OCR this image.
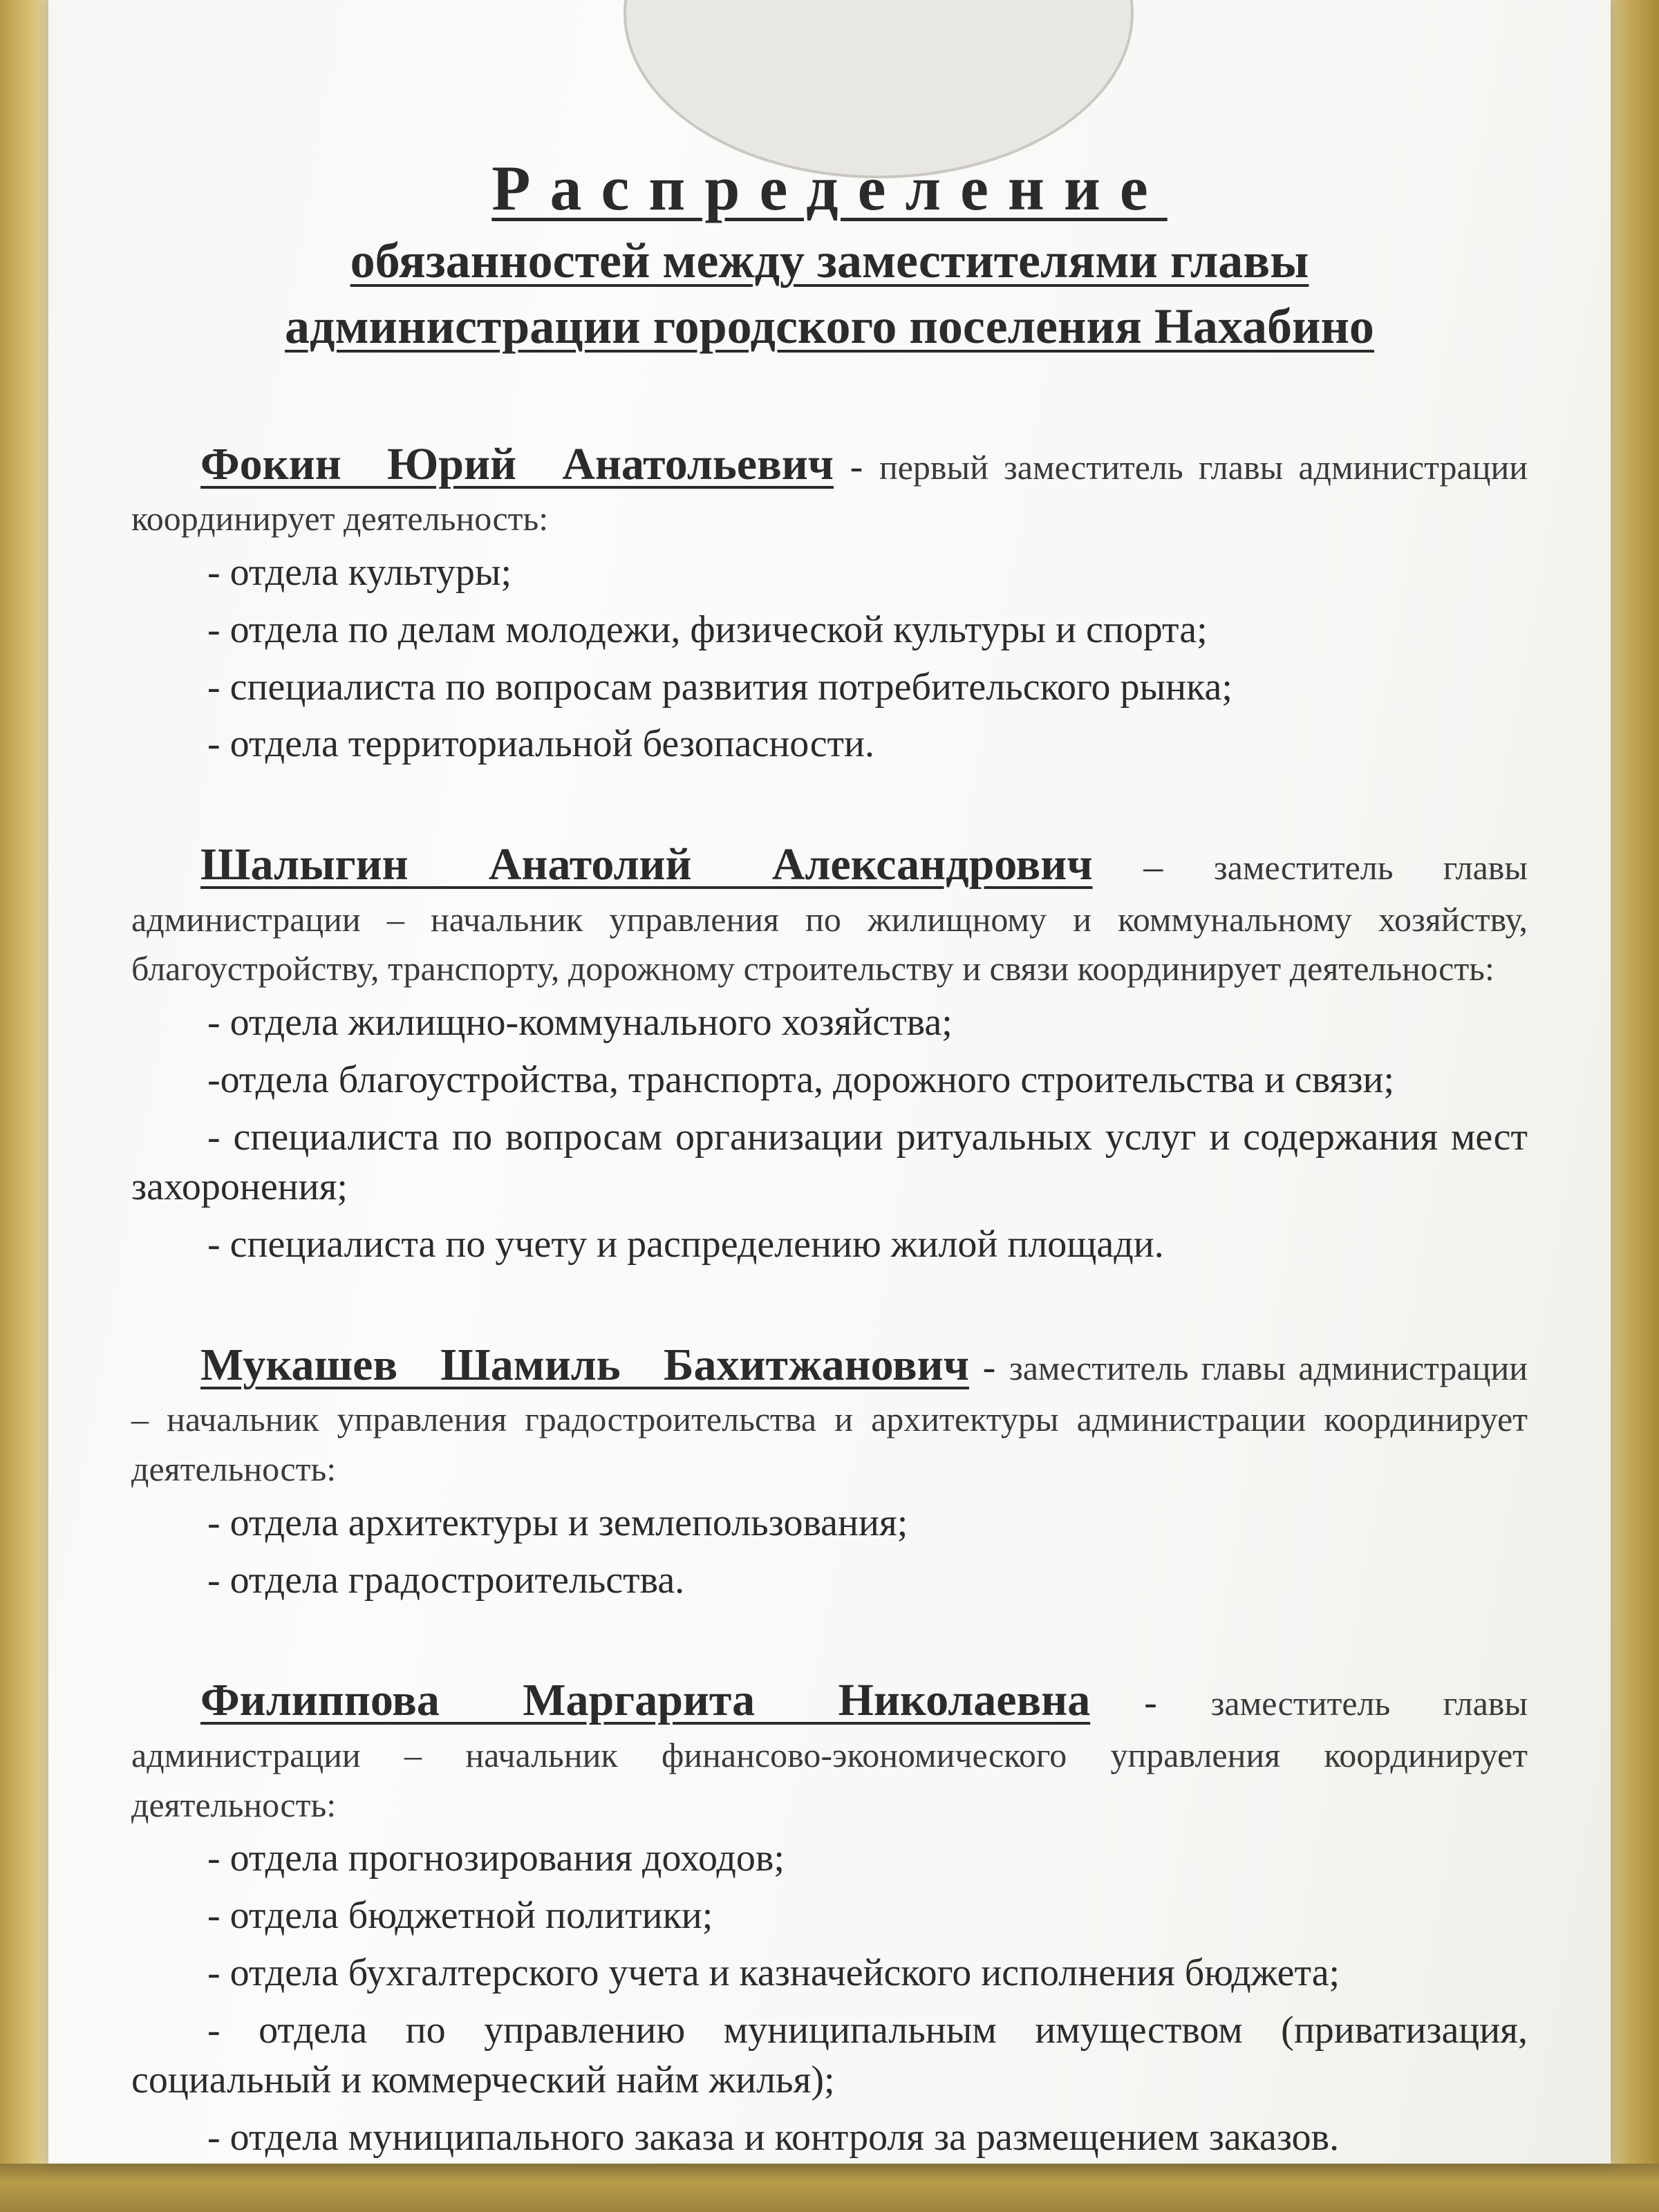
Распределение

обязанностей между заместителями главы

администрации городского поселения Нахабино

Фокин Юрий Анатольевич - первый заместитель главы администрации координирует деятельность:

- отдела культуры;
- отдела по делам молодежи, физической культуры и спорта;
- специалиста по вопросам развития потребительского рынка;
- отдела территориальной безопасности.

Шалыгин Анатолий Александрович – заместитель главы администрации – начальник управления по жилищному и коммунальному хозяйству, благоустройству, транспорту, дорожному строительству и связи координирует деятельность:

- отдела жилищно-коммунального хозяйства;
-отдела благоустройства, транспорта, дорожного строительства и связи;
- специалиста по вопросам организации ритуальных услуг и содержания мест захоронения;
- специалиста по учету и распределению жилой площади.

Мукашев Шамиль Бахитжанович - заместитель главы администрации – начальник управления градостроительства и архитектуры администрации координирует деятельность:

- отдела архитектуры и землепользования;
- отдела градостроительства.

Филиппова Маргарита Николаевна - заместитель главы администрации – начальник финансово-экономического управления координирует деятельность:

- отдела прогнозирования доходов;
- отдела бюджетной политики;
- отдела бухгалтерского учета и казначейского исполнения бюджета;
- отдела по управлению муниципальным имуществом (приватизация, социальный и коммерческий найм жилья);
- отдела муниципального заказа и контроля за размещением заказов.
